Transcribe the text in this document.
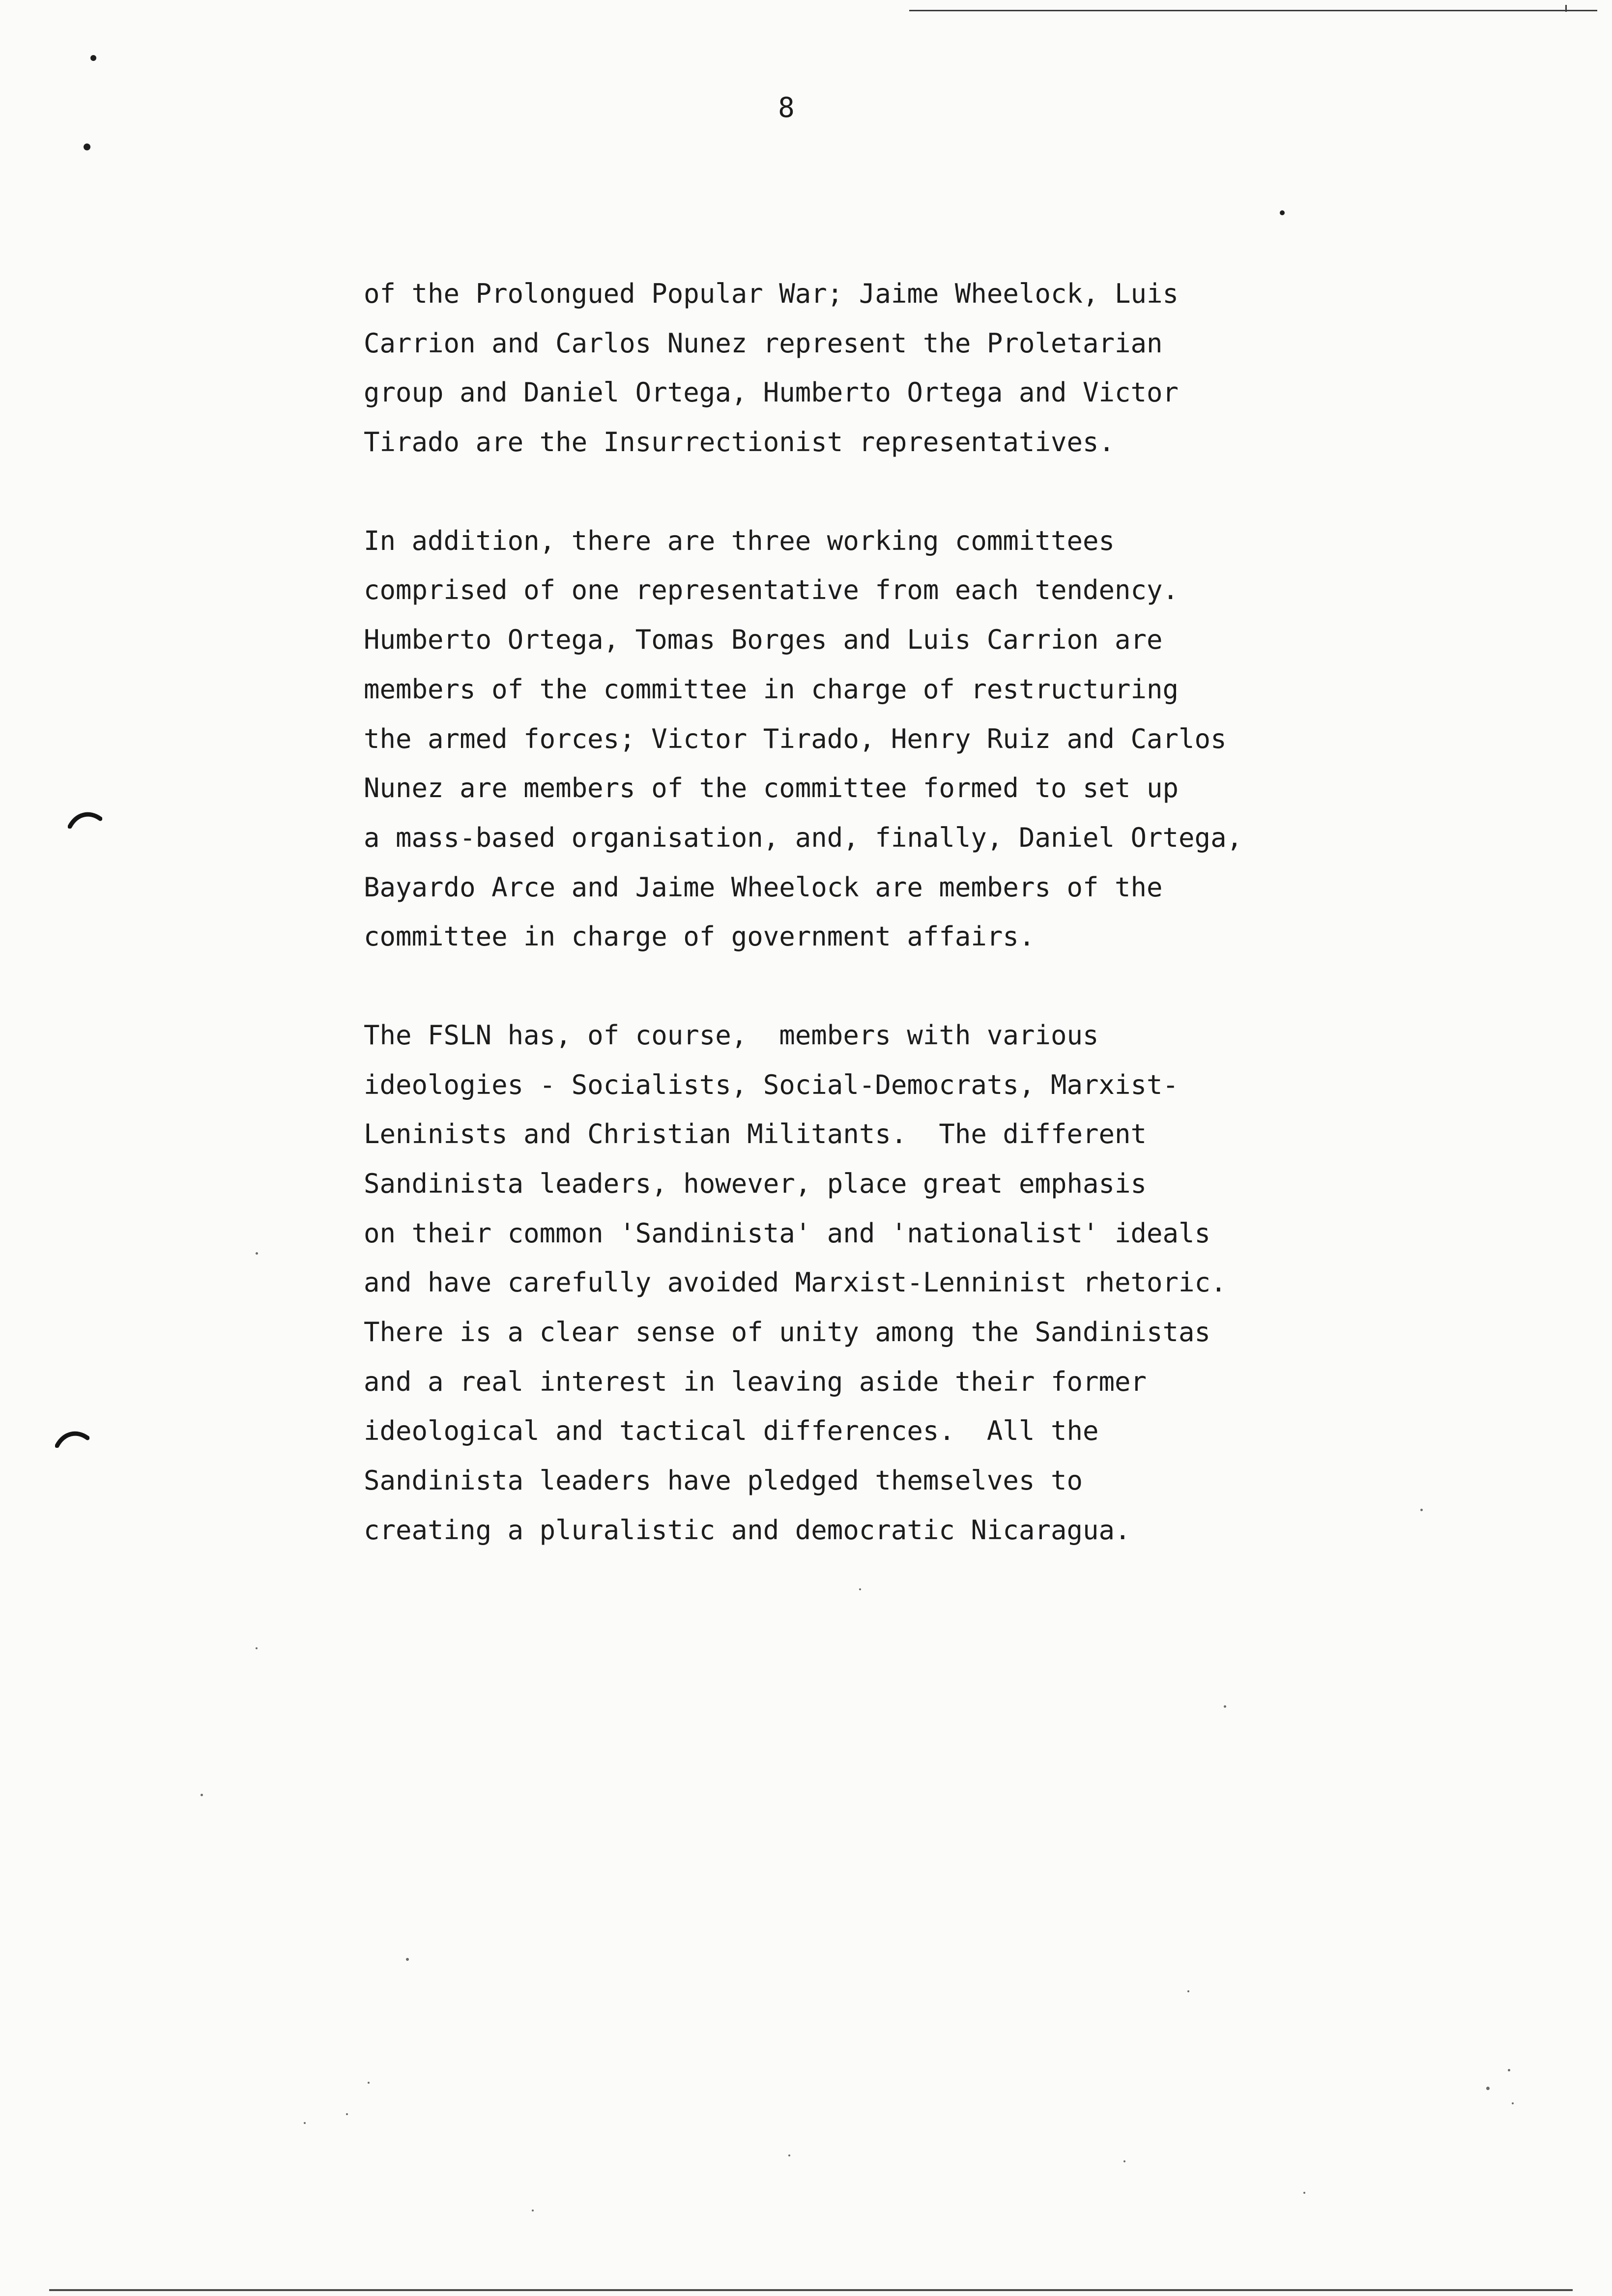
8
of the Prolongued Popular War; Jaime Wheelock, Luis
Carrion and Carlos Nunez represent the Proletarian
group and Daniel Ortega, Humberto Ortega and Victor
Tirado are the Insurrectionist representatives.
In addition, there are three working committees
comprised of one representative from each tendency.
Humberto Ortega, Tomas Borges and Luis Carrion are
members of the committee in charge of restructuring
the armed forces; Victor Tirado, Henry Ruiz and Carlos
Nunez are members of the committee formed to set up
a mass-based organisation, and, finally, Daniel Ortega,
Bayardo Arce and Jaime Wheelock are members of the
committee in charge of government affairs.
The FSLN has, of course,  members with various
ideologies - Socialists, Social-Democrats, Marxist-
Leninists and Christian Militants.  The different
Sandinista leaders, however, place great emphasis
on their common 'Sandinista' and 'nationalist' ideals
and have carefully avoided Marxist-Lenninist rhetoric.
There is a clear sense of unity among the Sandinistas
and a real interest in leaving aside their former
ideological and tactical differences.  All the
Sandinista leaders have pledged themselves to
creating a pluralistic and democratic Nicaragua.
